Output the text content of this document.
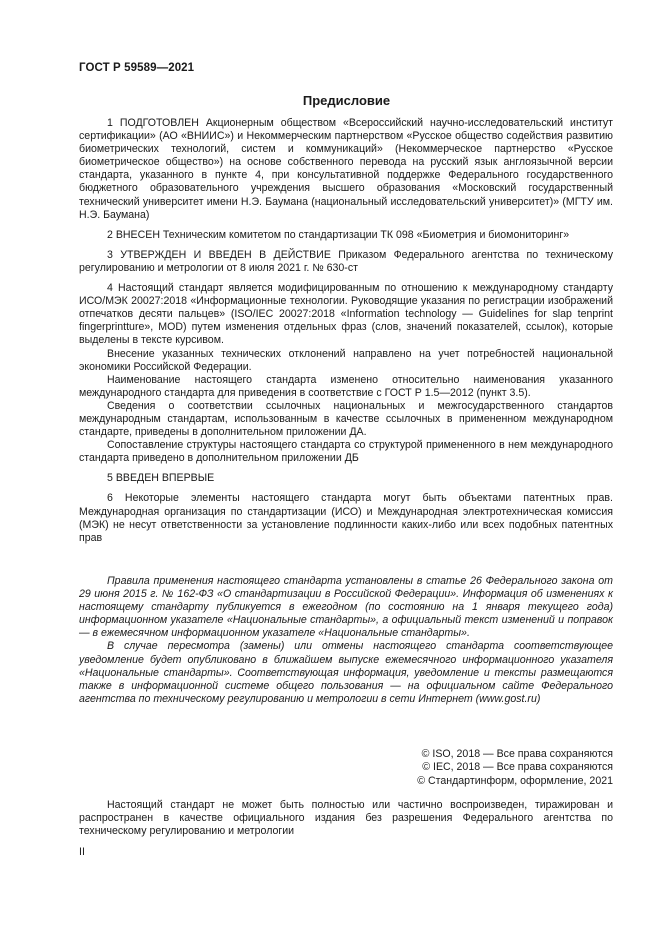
ГОСТ Р 59589—2021
Предисловие

1 ПОДГОТОВЛЕН Акционерным обществом «Всероссийский научно-исследовательский институт сертификации» (АО «ВНИИС») и Некоммерческим партнерством «Русское общество содействия развитию биометрических технологий, систем и коммуникаций» (Некоммерческое партнерство «Русское биометрическое общество») на основе собственного перевода на русский язык англоязычной версии стандарта, указанного в пункте 4, при консультативной поддержке Федерального государственного бюджетного образовательного учреждения высшего образования «Московский государственный технический университет имени Н.Э. Баумана (национальный исследовательский университет)» (МГТУ им. Н.Э. Баумана)

2 ВНЕСЕН Техническим комитетом по стандартизации ТК 098 «Биометрия и биомониторинг»

3 УТВЕРЖДЕН И ВВЕДЕН В ДЕЙСТВИЕ Приказом Федерального агентства по техническому регулированию и метрологии от 8 июля 2021 г. № 630-ст

4 Настоящий стандарт является модифицированным по отношению к международному стандарту ИСО/МЭК 20027:2018 «Информационные технологии. Руководящие указания по регистрации изображений отпечатков десяти пальцев» (ISO/IEC 20027:2018 «Information technology — Guidelines for slap tenprint fingerprintture», MOD) путем изменения отдельных фраз (слов, значений показателей, ссылок), которые выделены в тексте курсивом.

Внесение указанных технических отклонений направлено на учет потребностей национальной экономики Российской Федерации.

Наименование настоящего стандарта изменено относительно наименования указанного международного стандарта для приведения в соответствие с ГОСТ Р 1.5—2012 (пункт 3.5).

Сведения о соответствии ссылочных национальных и межгосударственного стандартов международным стандартам, использованным в качестве ссылочных в примененном международном стандарте, приведены в дополнительном приложении ДА.

Сопоставление структуры настоящего стандарта со структурой примененного в нем международного стандарта приведено в дополнительном приложении ДБ

5 ВВЕДЕН ВПЕРВЫЕ

6 Некоторые элементы настоящего стандарта могут быть объектами патентных прав. Международная организация по стандартизации (ИСО) и Международная электротехническая комиссия (МЭК) не несут ответственности за установление подлинности каких-либо или всех подобных патентных прав

Правила применения настоящего стандарта установлены в статье 26 Федерального закона от 29 июня 2015 г. № 162-ФЗ «О стандартизации в Российской Федерации». Информация об изменениях к настоящему стандарту публикуется в ежегодном (по состоянию на 1 января текущего года) информационном указателе «Национальные стандарты», а официальный текст изменений и поправок — в ежемесячном информационном указателе «Национальные стандарты».

В случае пересмотра (замены) или отмены настоящего стандарта соответствующее уведомление будет опубликовано в ближайшем выпуске ежемесячного информационного указателя «Национальные стандарты». Соответствующая информация, уведомление и тексты размещаются также в информационной системе общего пользования — на официальном сайте Федерального агентства по техническому регулированию и метрологии в сети Интернет (www.gost.ru)

© ISO, 2018 — Все права сохраняются
© IEC, 2018 — Все права сохраняются
© Стандартинформ, оформление, 2021

Настоящий стандарт не может быть полностью или частично воспроизведен, тиражирован и распространен в качестве официального издания без разрешения Федерального агентства по техническому регулированию и метрологии

II
